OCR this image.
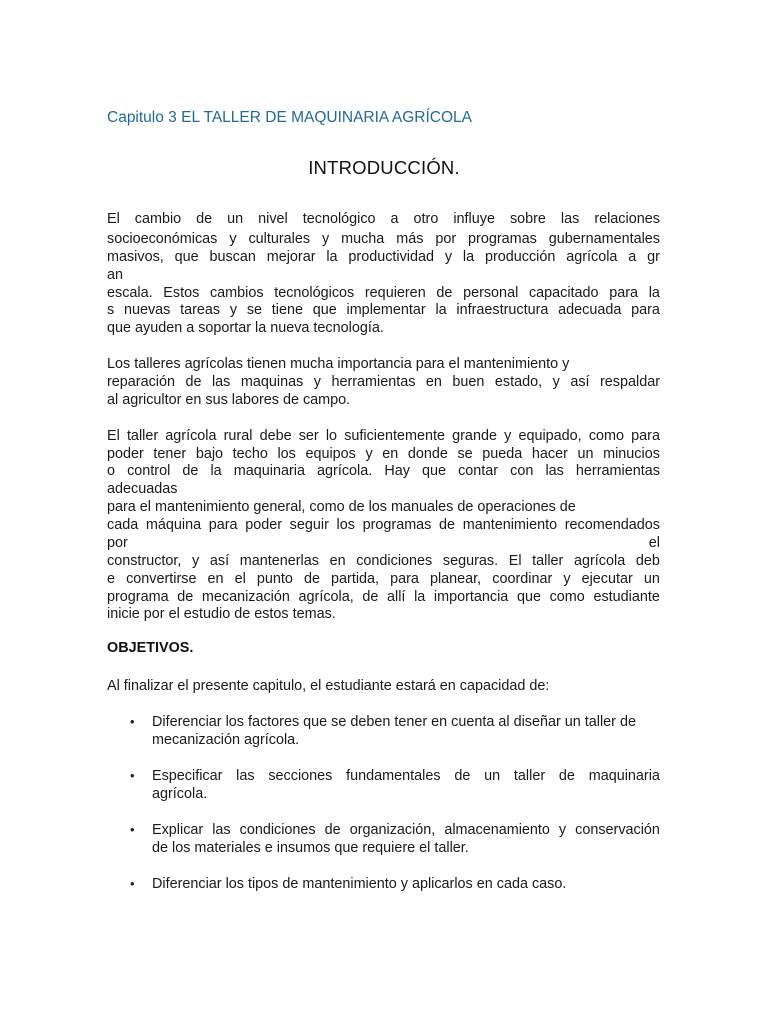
Capitulo 3 EL TALLER DE MAQUINARIA AGRÍCOLA
INTRODUCCIÓN.
El cambio de un nivel tecnológico a otro influye sobre las relaciones
socioeconómicas y culturales y mucha más por programas gubernamentales
masivos, que buscan mejorar la productividad y la producción agrícola a gr
an
escala. Estos cambios tecnológicos requieren de personal capacitado para la
s nuevas tareas y se tiene que implementar la infraestructura adecuada para
que ayuden a soportar la nueva tecnología.
Los talleres agrícolas tienen mucha importancia para el mantenimiento y
reparación de las maquinas y herramientas en buen estado, y así respaldar
al agricultor en sus labores de campo.
El taller agrícola rural debe ser lo suficientemente grande y equipado, como para
poder tener bajo techo los equipos y en donde se pueda hacer un minucios
o control de la maquinaria agrícola. Hay que contar con las herramientas
adecuadas
para el mantenimiento general, como de los manuales de operaciones de
cada máquina para poder seguir los programas de mantenimiento recomendados
por	el
constructor, y así mantenerlas en condiciones seguras. El taller agrícola deb
e convertirse en el punto de partida, para planear, coordinar y ejecutar un
programa de mecanización agrícola, de allí la importancia que como estudiante
inicie por el estudio de estos temas.
OBJETIVOS.
Al finalizar el presente capitulo, el estudiante estará en capacidad de:
• Diferenciar los factores que se deben tener en cuenta al diseñar un taller de
mecanización agrícola.
• Especificar las secciones fundamentales de un taller de maquinaria
agrícola.
• Explicar las condiciones de organización, almacenamiento y conservación
de los materiales e insumos que requiere el taller.
• Diferenciar los tipos de mantenimiento y aplicarlos en cada caso.
